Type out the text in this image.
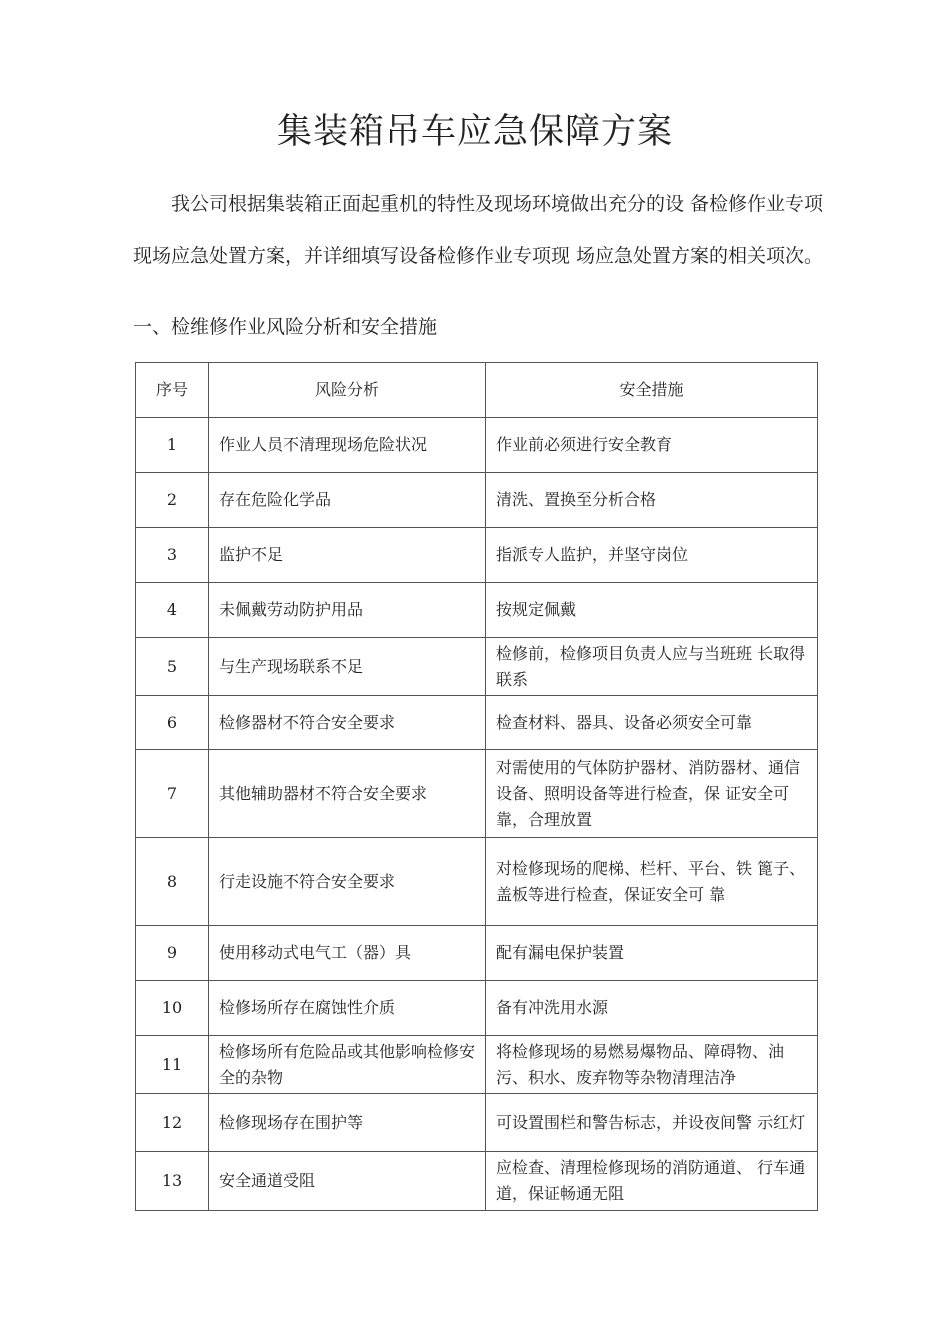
集装箱吊车应急保障方案

我公司根据集装箱正面起重机的特性及现场环境做出充分的设 备检修作业专项现场应急处置方案，并详细填写设备检修作业专项现 场应急处置方案的相关项次。

一、检维修作业风险分析和安全措施
序号	风险分析	安全措施
1	作业人员不清理现场危险状况	作业前必须进行安全教育
2	存在危险化学品	清洗、置换至分析合格
3	监护不足	指派专人监护，并坚守岗位
4	未佩戴劳动防护用品	按规定佩戴
5	与生产现场联系不足	检修前，检修项目负责人应与当班班 长取得联系
6	检修器材不符合安全要求	检查材料、器具、设备必须安全可靠
7	其他辅助器材不符合安全要求	对需使用的气体防护器材、消防器材、通信设备、照明设备等进行检查，保 证安全可靠，合理放置
8	行走设施不符合安全要求	对检修现场的爬梯、栏杆、平台、铁 篦子、盖板等进行检查，保证安全可 靠
9	使用移动式电气工（器）具	配有漏电保护装置
10	检修场所存在腐蚀性介质	备有冲洗用水源
11	检修场所有危险品或其他影响检修安全的杂物	将检修现场的易燃易爆物品、障碍物、油污、积水、废弃物等杂物清理洁净
12	检修现场存在围护等	可设置围栏和警告标志，并设夜间警 示红灯
13	安全通道受阻	应检查、清理检修现场的消防通道、 行车通道，保证畅通无阻
